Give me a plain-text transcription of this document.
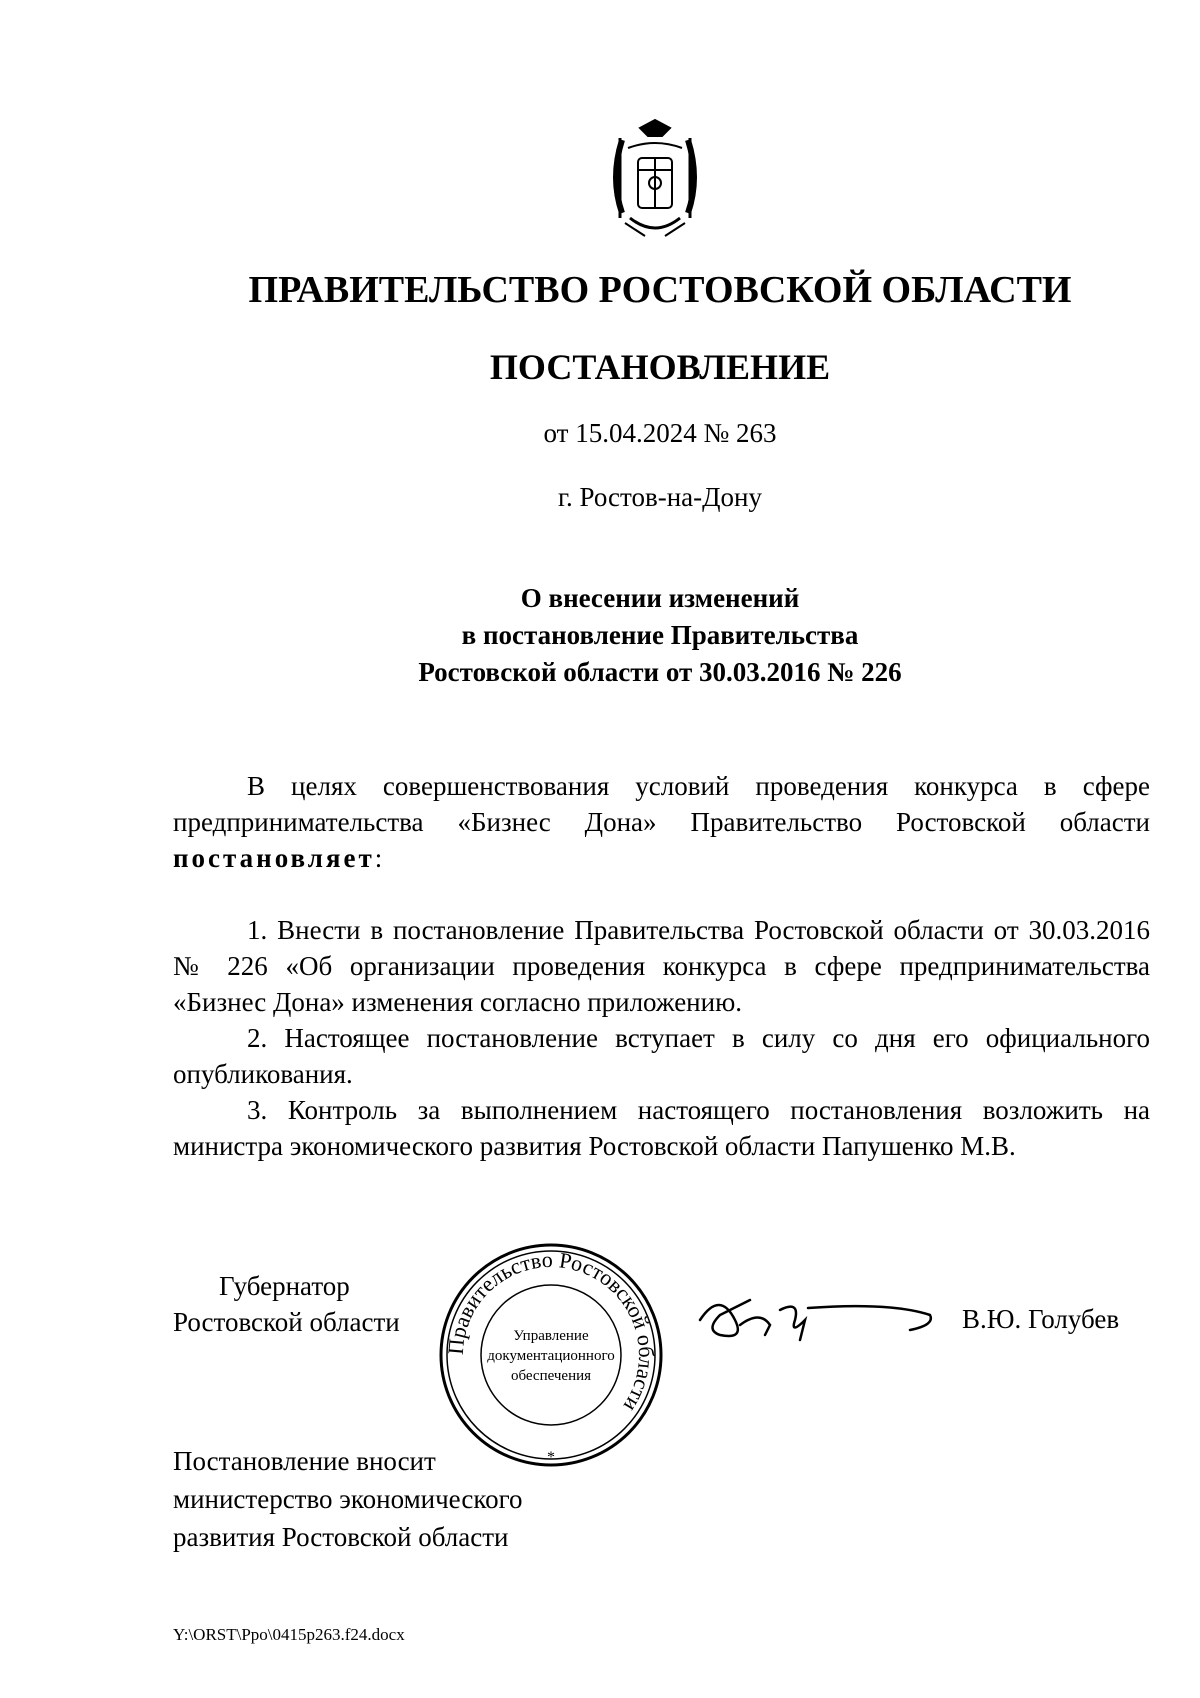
ПРАВИТЕЛЬСТВО РОСТОВСКОЙ ОБЛАСТИ
ПОСТАНОВЛЕНИЕ
от 15.04.2024 № 263
г. Ростов-на-Дону
О внесении изменений
в постановление Правительства
Ростовской области от 30.03.2016 № 226

В целях совершенствования условий проведения конкурса в сфере предпринимательства «Бизнес Дона» Правительство Ростовской области постановляет:

1. Внести в постановление Правительства Ростовской области от 30.03.2016 № 226 «Об организации проведения конкурса в сфере предпринимательства «Бизнес Дона» изменения согласно приложению.

2. Настоящее постановление вступает в силу со дня его официального опубликования.

3. Контроль за выполнением настоящего постановления возложить на министра экономического развития Ростовской области Папушенко М.В.

Губернатор
Ростовской области
Правительство Ростовской области
Управление
документационного
обеспечения
*
В.Ю. Голубев
Постановление вносит
министерство экономического
развития Ростовской области
Y:\ORST\Ppo\0415p263.f24.docx
